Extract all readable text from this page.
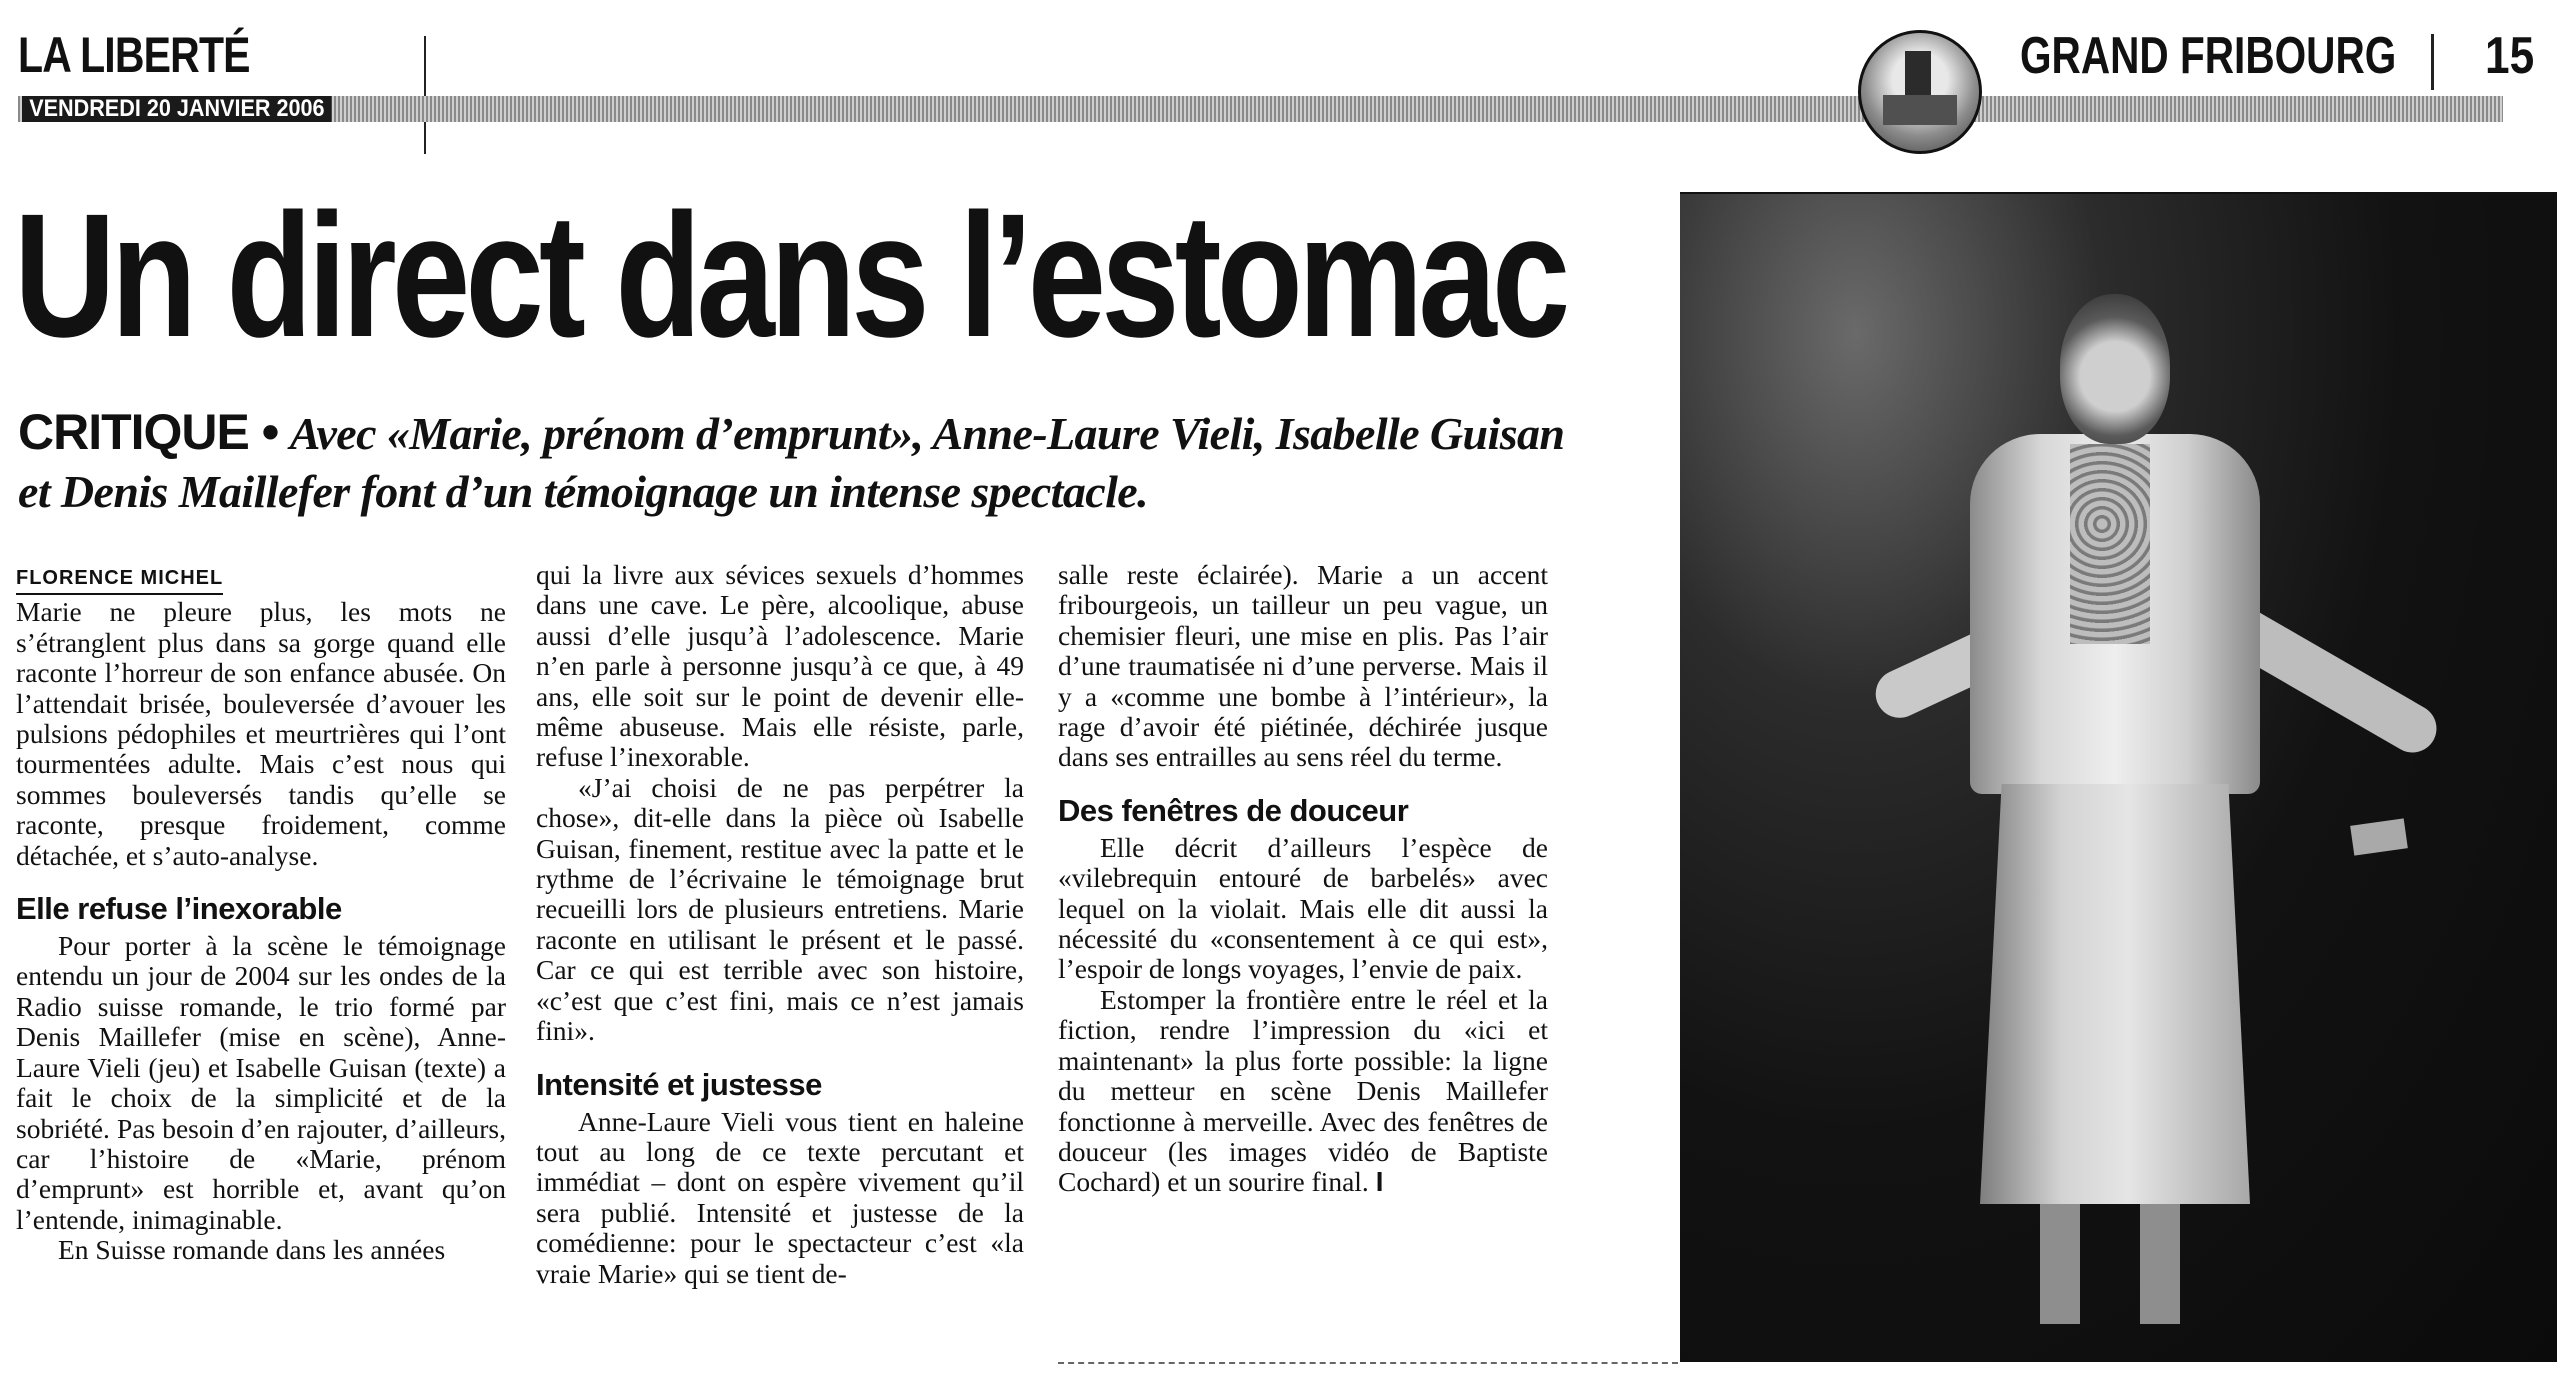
LA LIBERTÉ
VENDREDI 20 JANVIER 2006
GRAND FRIBOURG 15
Un direct dans l’estomac
CRITIQUE • Avec «Marie, prénom d’emprunt», Anne-Laure Vieli, Isabelle Guisan et Denis Maillefer font d’un témoignage un intense spectacle.
FLORENCE MICHEL

Marie ne pleure plus, les mots ne s’étranglent plus dans sa gorge quand elle raconte l’horreur de son enfance abusée. On l’attendait brisée, bouleversée d’avouer les pulsions pédophiles et meurtrières qui l’ont tourmentées adulte. Mais c’est nous qui sommes bouleversés tandis qu’elle se raconte, presque froidement, comme détachée, et s’auto-analyse.

Elle refuse l’inexorable

Pour porter à la scène le témoignage entendu un jour de 2004 sur les ondes de la Radio suisse romande, le trio formé par Denis Maillefer (mise en scène), Anne-Laure Vieli (jeu) et Isabelle Guisan (texte) a fait le choix de la simplicité et de la sobriété. Pas besoin d’en rajouter, d’ailleurs, car l’histoire de «Marie, prénom d’emprunt» est horrible et, avant qu’on l’entende, inimaginable.

En Suisse romande dans les années

qui la livre aux sévices sexuels d’hommes dans une cave. Le père, alcoolique, abuse aussi d’elle jusqu’à l’adolescence. Marie n’en parle à personne jusqu’à ce que, à 49 ans, elle soit sur le point de devenir elle-même abuseuse. Mais elle résiste, parle, refuse l’inexorable.

«J’ai choisi de ne pas perpétrer la chose», dit-elle dans la pièce où Isabelle Guisan, finement, restitue avec la patte et le rythme de l’écrivaine le témoignage brut recueilli lors de plusieurs entretiens. Marie raconte en utilisant le présent et le passé. Car ce qui est terrible avec son histoire, «c’est que c’est fini, mais ce n’est jamais fini».

Intensité et justesse

Anne-Laure Vieli vous tient en haleine tout au long de ce texte percutant et immédiat – dont on espère vivement qu’il sera publié. Intensité et justesse de la comédienne: pour le spectacteur c’est «la vraie Marie» qui se tient de-

salle reste éclairée). Marie a un accent fribourgeois, un tailleur un peu vague, un chemisier fleuri, une mise en plis. Pas l’air d’une traumatisée ni d’une perverse. Mais il y a «comme une bombe à l’intérieur», la rage d’avoir été piétinée, déchirée jusque dans ses entrailles au sens réel du terme.

Des fenêtres de douceur

Elle décrit d’ailleurs l’espèce de «vilebrequin entouré de barbelés» avec lequel on la violait. Mais elle dit aussi la nécessité du «consentement à ce qui est», l’espoir de longs voyages, l’envie de paix.

Estomper la frontière entre le réel et la fiction, rendre l’impression du «ici et maintenant» la plus forte possible: la ligne du metteur en scène Denis Maillefer fonctionne à merveille. Avec des fenêtres de douceur (les images vidéo de Baptiste Cochard) et un sourire final. I
